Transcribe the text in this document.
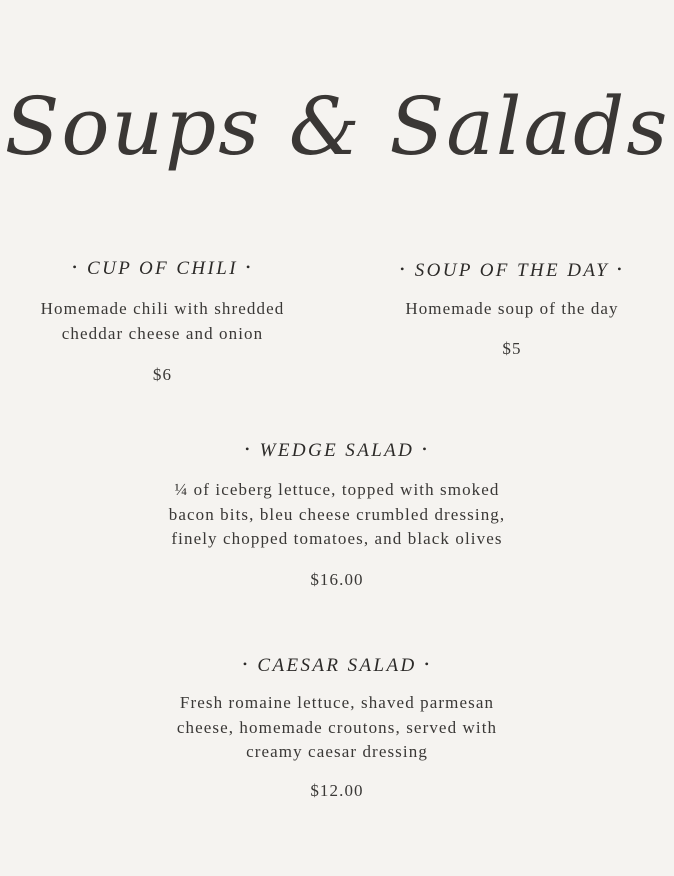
Soups & Salads
• CUP OF CHILI •
Homemade chili with shredded cheddar cheese and onion
$6
• SOUP OF THE DAY •
Homemade soup of the day
$5
• WEDGE SALAD •
¼ of iceberg lettuce, topped with smoked bacon bits, bleu cheese crumbled dressing, finely chopped tomatoes, and black olives
$16.00
• CAESAR SALAD •
Fresh romaine lettuce, shaved parmesan cheese, homemade croutons, served with creamy caesar dressing
$12.00
